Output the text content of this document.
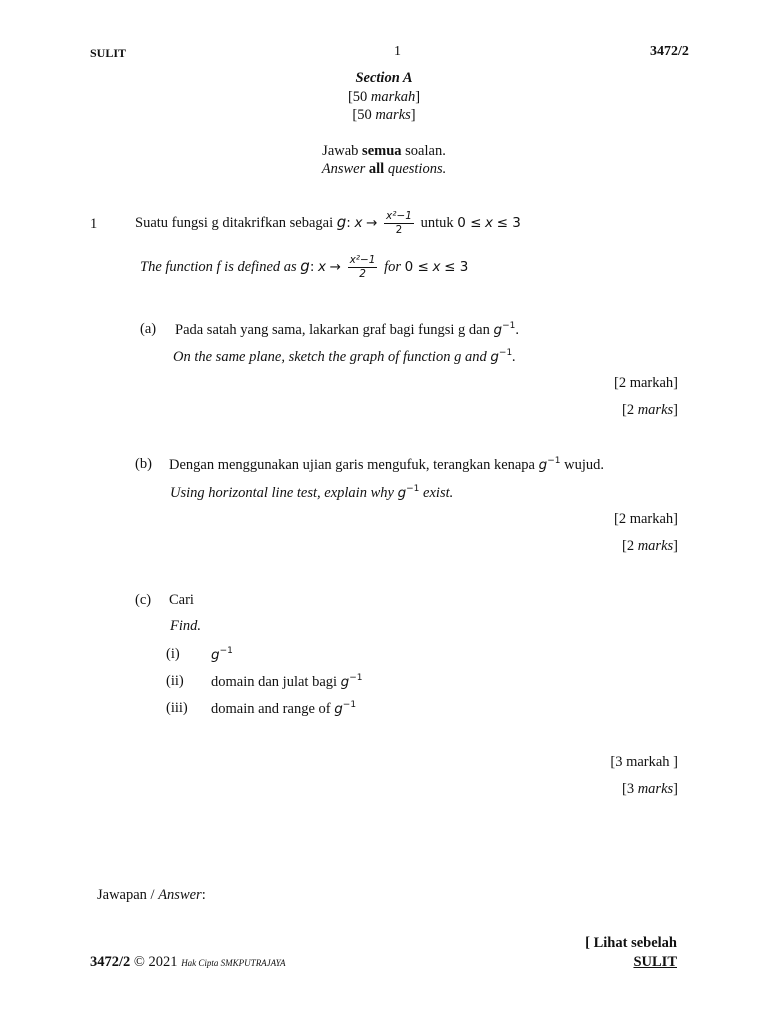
SULIT	1	3472/2
Section A
[50 markah]
[50 marks]
Jawab semua soalan.
Answer all questions.
1	Suatu fungsi g ditakrifkan sebagai g: $x \to \frac{\text{x²−1}}{2}$ untuk 0 ≤ x ≤ 3
The function f is defined as g: $x \to \frac{\text{x²−1}}{2}$ for 0 ≤ x ≤ 3
(a) Pada satah yang sama, lakarkan graf bagi fungsi g dan $g^{-1}$.
On the same plane, sketch the graph of function g and $g^{-1}$.
[2 markah]
[2 marks]
(b) Dengan menggunakan ujian garis mengufuk, terangkan kenapa $g^{-1}$ wujud.
Using horizontal line test, explain why $g^{-1}$ exist.
[2 markah]
[2 marks]
(c) Cari
Find.
(i) $g^{-1}$
(ii) domain dan julat bagi $g^{-1}$
(iii) domain and range of $g^{-1}$
[3 markah ]
[3 marks]
Jawapan / Answer:
[ Lihat sebelah
3472/2 © 2021 Hak Cipta SMKPUTRAJAYA	SULIT
